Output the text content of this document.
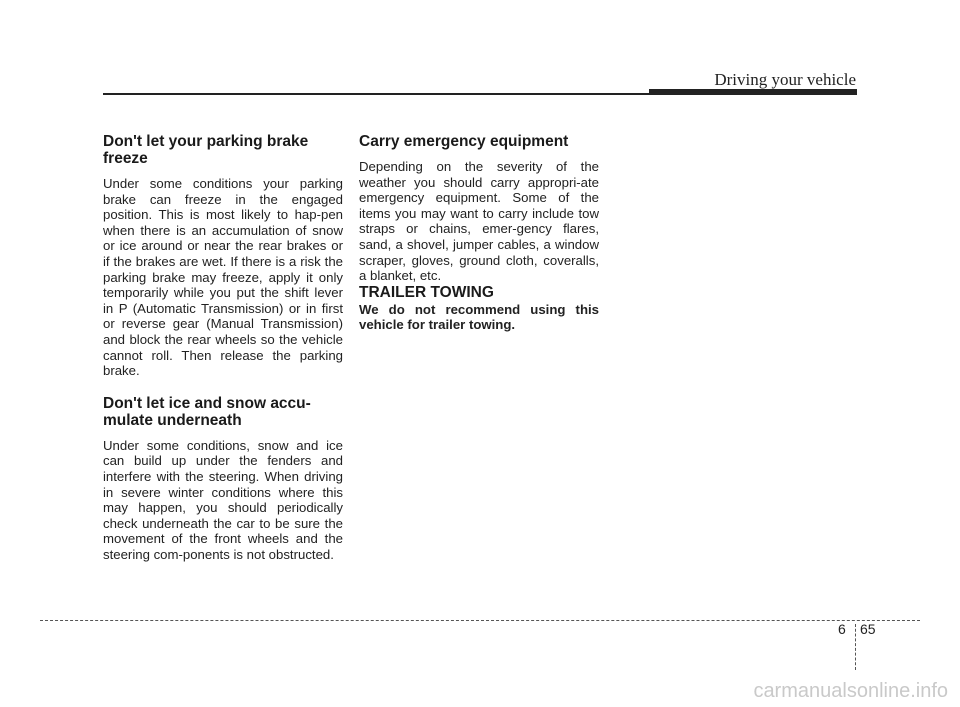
Driving your vehicle
Don't let your parking brake freeze

Under some conditions your parking brake can freeze in the engaged position. This is most likely to hap-pen when there is an accumulation of snow or ice around or near the rear brakes or if the brakes are wet. If there is a risk the parking brake may freeze, apply it only temporarily while you put the shift lever in P (Automatic Transmission) or in first or reverse gear (Manual Transmission) and block the rear wheels so the vehicle cannot roll. Then release the parking brake.

Don't let ice and snow accu-mulate underneath

Under some conditions, snow and ice can build up under the fenders and interfere with the steering. When driving in severe winter conditions where this may happen, you should periodically check underneath the car to be sure the movement of the front wheels and the steering com-ponents is not obstructed.

Carry emergency equipment

Depending on the severity of the weather you should carry appropri-ate emergency equipment. Some of the items you may want to carry include tow straps or chains, emer-gency flares, sand, a shovel, jumper cables, a window scraper, gloves, ground cloth, coveralls, a blanket, etc.

TRAILER TOWING

We do not recommend using this vehicle for trailer towing.

6 65
carmanualsonline.info
